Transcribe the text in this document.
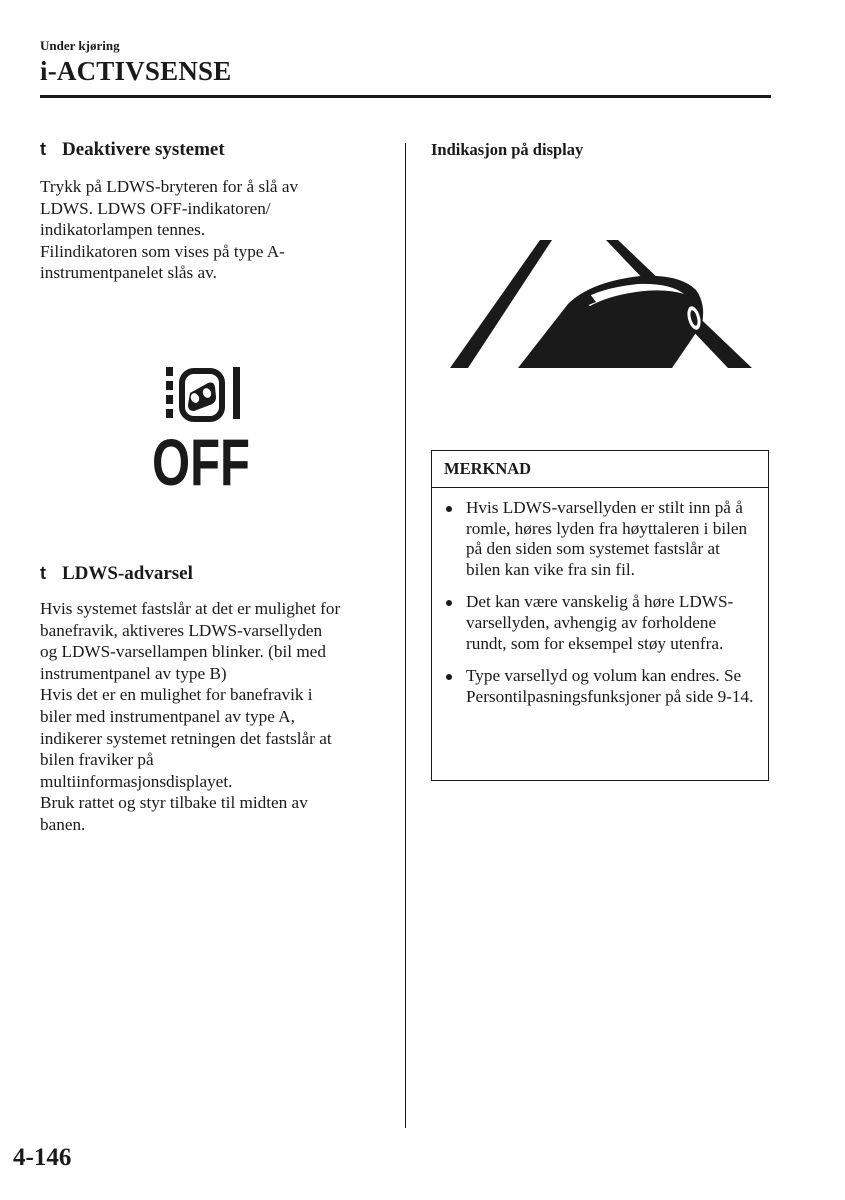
Under kjøring
i-ACTIVSENSE
t Deaktivere systemet

Trykk på LDWS-bryteren for å slå av

LDWS. LDWS OFF-indikatoren/

indikatorlampen tennes.

Filindikatoren som vises på type A-

instrumentpanelet slås av.

OFF
t LDWS-advarsel

Hvis systemet fastslår at det er mulighet for

banefravik, aktiveres LDWS-varsellyden

og LDWS-varsellampen blinker. (bil med

instrumentpanel av type B)

Hvis det er en mulighet for banefravik i

biler med instrumentpanel av type A,

indikerer systemet retningen det fastslår at

bilen fraviker på

multiinformasjonsdisplayet.

Bruk rattet og styr tilbake til midten av

banen.

Indikasjon på display
MERKNAD
Hvis LDWS-varsellyden er stilt inn på å romle, høres lyden fra høyttaleren i bilen på den siden som systemet fastslår at bilen kan vike fra sin fil.
Det kan være vanskelig å høre LDWS-varsellyden, avhengig av forholdene rundt, som for eksempel støy utenfra.
Type varsellyd og volum kan endres. Se Persontilpasningsfunksjoner på side 9-14.
4-146
